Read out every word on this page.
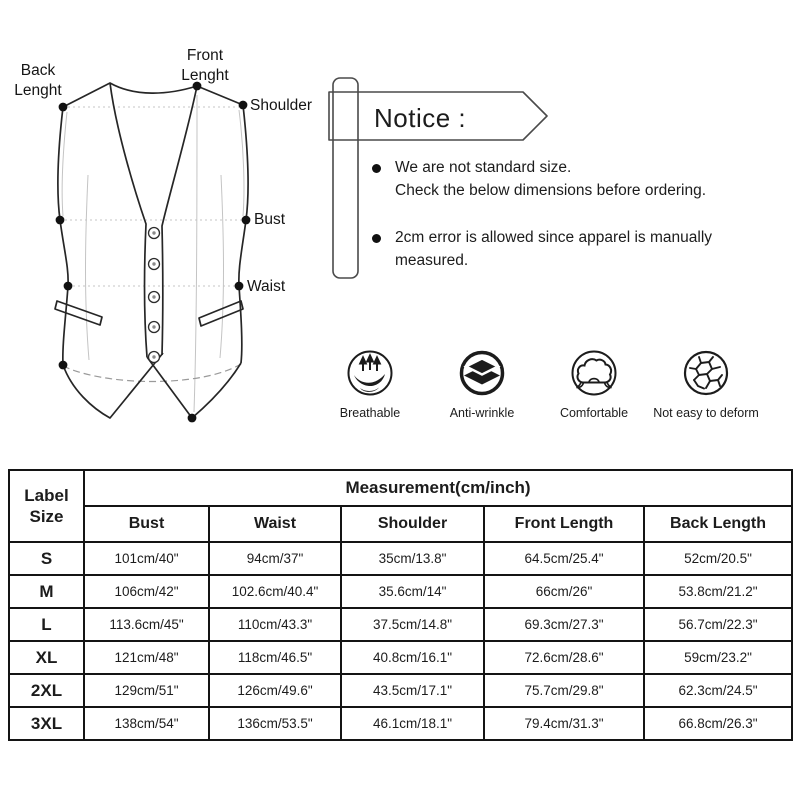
Back
Lenght
Front
Lenght
Shoulder
Bust
Waist
Notice :
We are not standard size.
Check the below dimensions before ordering.
2cm error is allowed since apparel is manually
measured.
Breathable	Anti-wrinkle	Comfortable Not easy to deform
Label
Size	Measurement(cm/inch)				
	Bust	Waist	Shoulder	Front Length	Back Length
S	101cm/40"	94cm/37"	35cm/13.8"	64.5cm/25.4"	52cm/20.5"
M	106cm/42"	102.6cm/40.4"	35.6cm/14"	66cm/26"	53.8cm/21.2"
L	113.6cm/45"	110cm/43.3"	37.5cm/14.8"	69.3cm/27.3"	56.7cm/22.3"
XL	121cm/48"	118cm/46.5"	40.8cm/16.1"	72.6cm/28.6"	59cm/23.2"
2XL	129cm/51"	126cm/49.6"	43.5cm/17.1"	75.7cm/29.8"	62.3cm/24.5"
3XL	138cm/54"	136cm/53.5"	46.1cm/18.1"	79.4cm/31.3"	66.8cm/26.3"
